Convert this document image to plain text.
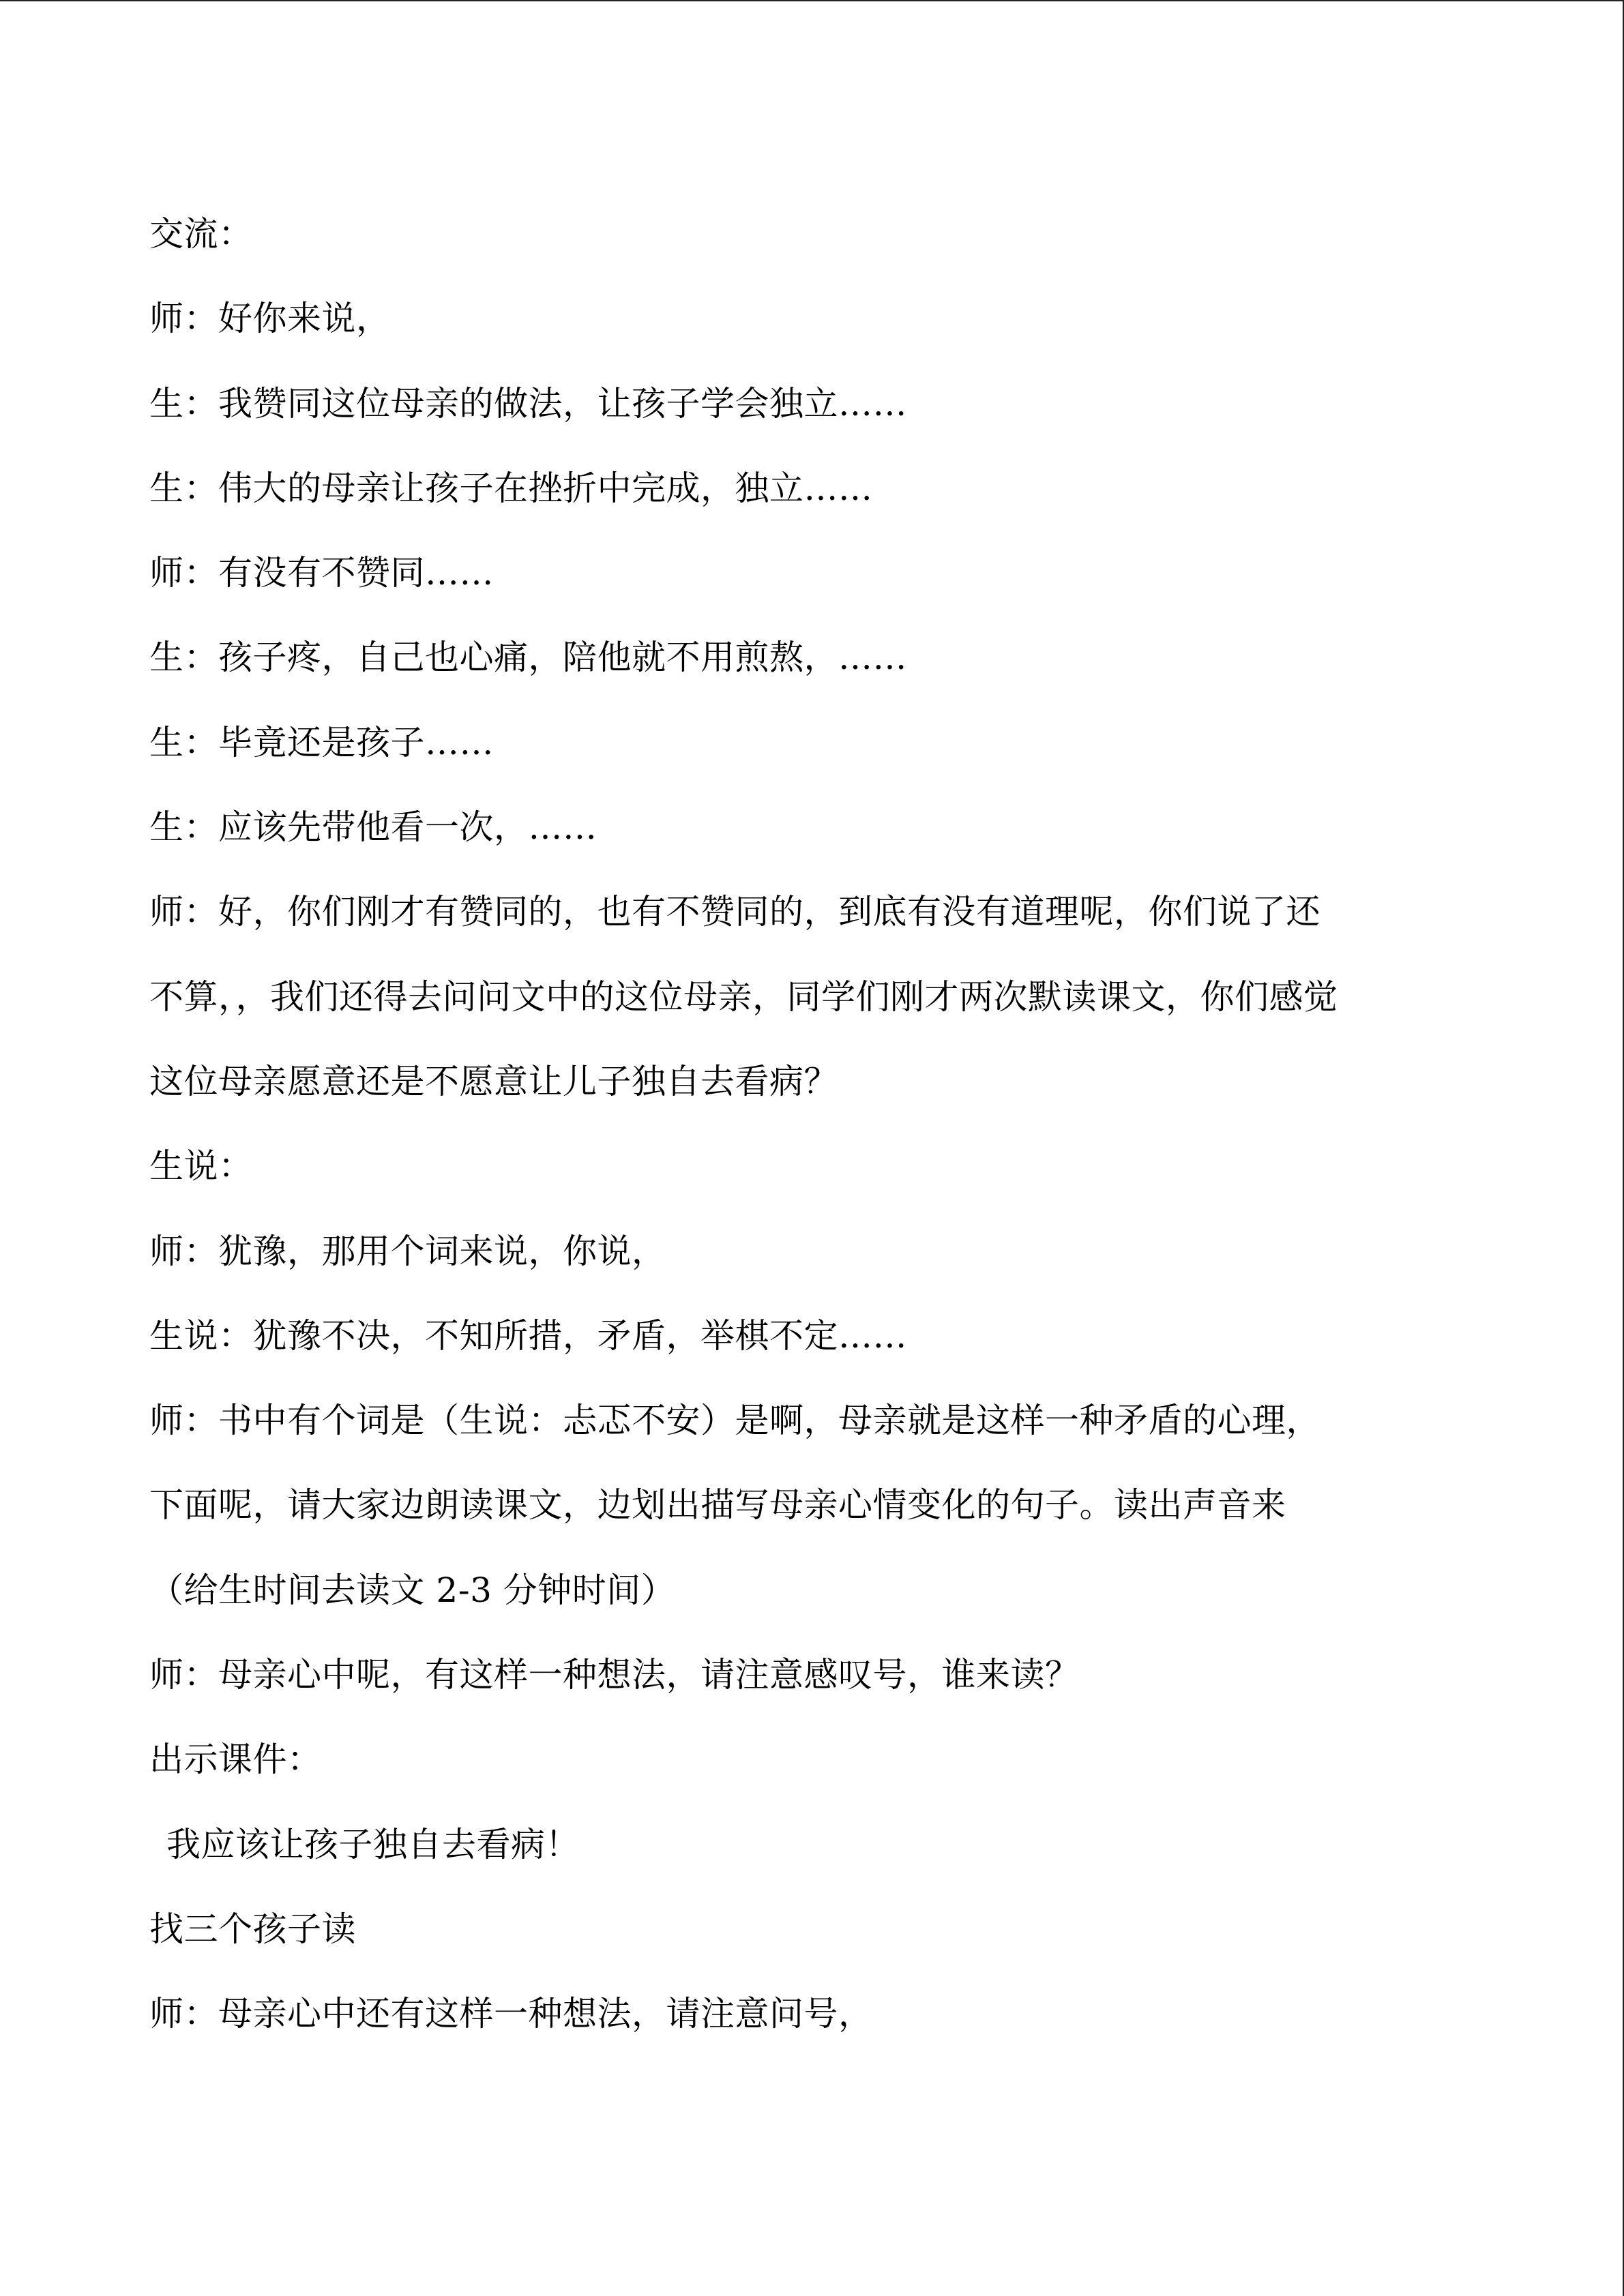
交流：
师：好你来说，
生：我赞同这位母亲的做法，让孩子学会独立……
生：伟大的母亲让孩子在挫折中完成，独立……
师：有没有不赞同……
生：孩子疼，自己也心痛，陪他就不用煎熬，……
生：毕竟还是孩子……
生：应该先带他看一次，……
师：好，你们刚才有赞同的，也有不赞同的，到底有没有道理呢，你们说了还
不算，，我们还得去问问文中的这位母亲，同学们刚才两次默读课文，你们感觉
这位母亲愿意还是不愿意让儿子独自去看病？
生说：
师：犹豫，那用个词来说，你说，
生说：犹豫不决，不知所措，矛盾，举棋不定……
师：书中有个词是（生说：忐忑不安）是啊，母亲就是这样一种矛盾的心理，
下面呢，请大家边朗读课文，边划出描写母亲心情变化的句子。读出声音来
（给生时间去读文 2-3 分钟时间）
师：母亲心中呢，有这样一种想法，请注意感叹号，谁来读？
出示课件：
我应该让孩子独自去看病！
找三个孩子读
师：母亲心中还有这样一种想法，请注意问号，
